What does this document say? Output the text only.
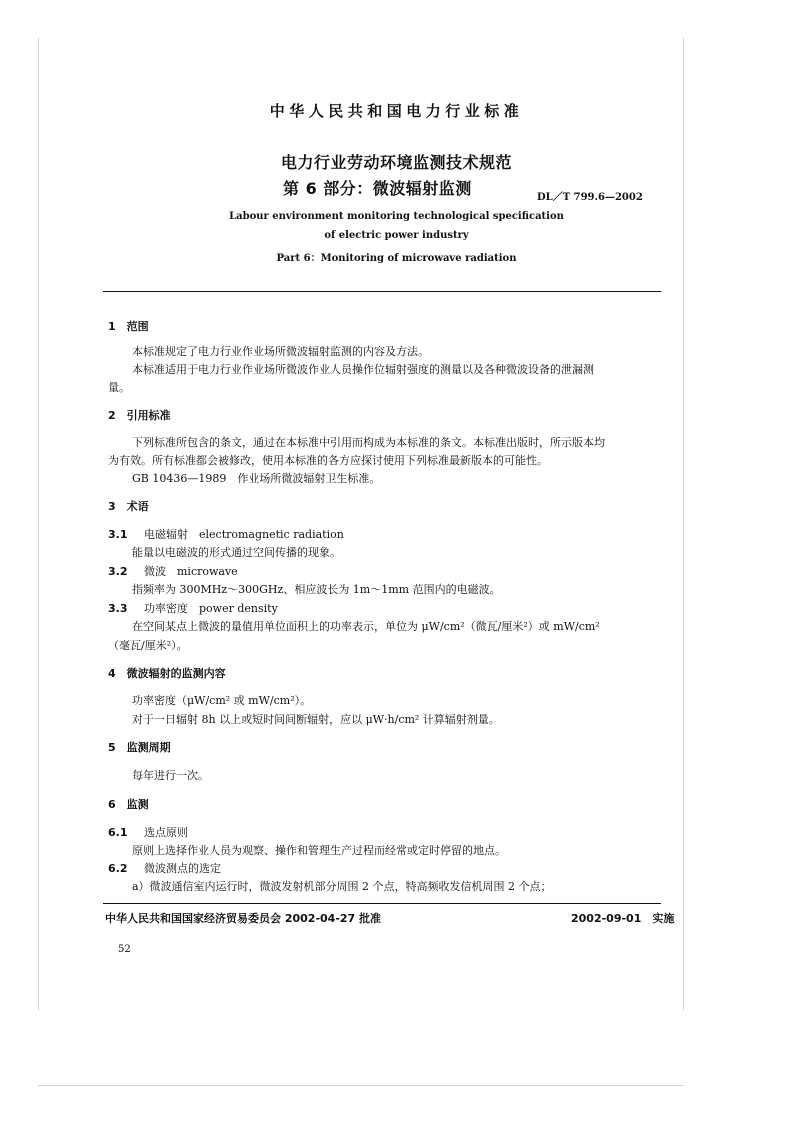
中华人民共和国电力行业标准
电力行业劳动环境监测技术规范
第 6 部分：微波辐射监测	DL／T 799.6—2002
Labour environment monitoring technological specification
of electric power industry
Part 6：Monitoring of microwave radiation
1　范围
本标准规定了电力行业作业场所微波辐射监测的内容及方法。
本标准适用于电力行业作业场所微波作业人员操作位辐射强度的测量以及各种微波设备的泄漏测
量。
2　引用标准
下列标准所包含的条文，通过在本标准中引用而构成为本标准的条文。本标准出版时，所示版本均
为有效。所有标准都会被修改，使用本标准的各方应探讨使用下列标准最新版本的可能性。
GB 10436—1989　作业场所微波辐射卫生标准。
3　术语
3.1 电磁辐射　electromagnetic radiation
能量以电磁波的形式通过空间传播的现象。
3.2 微波　microwave
指频率为 300MHz～300GHz、相应波长为 1m～1mm 范围内的电磁波。
3.3 功率密度　power density
在空间某点上微波的量值用单位面积上的功率表示，单位为 μW/cm²（微瓦/厘米²）或 mW/cm²
（毫瓦/厘米²）。
4　微波辐射的监测内容
功率密度（μW/cm² 或 mW/cm²）。
对于一日辐射 8h 以上或短时间间断辐射，应以 μW·h/cm² 计算辐射剂量。
5　监测周期
每年进行一次。
6　监测
6.1 选点原则
原则上选择作业人员为观察、操作和管理生产过程而经常或定时停留的地点。
6.2 微波测点的选定
a）微波通信室内运行时，微波发射机部分周围 2 个点，特高频收发信机周围 2 个点；
中华人民共和国国家经济贸易委员会 2002-04-27 批准	2002-09-01　实施
52
